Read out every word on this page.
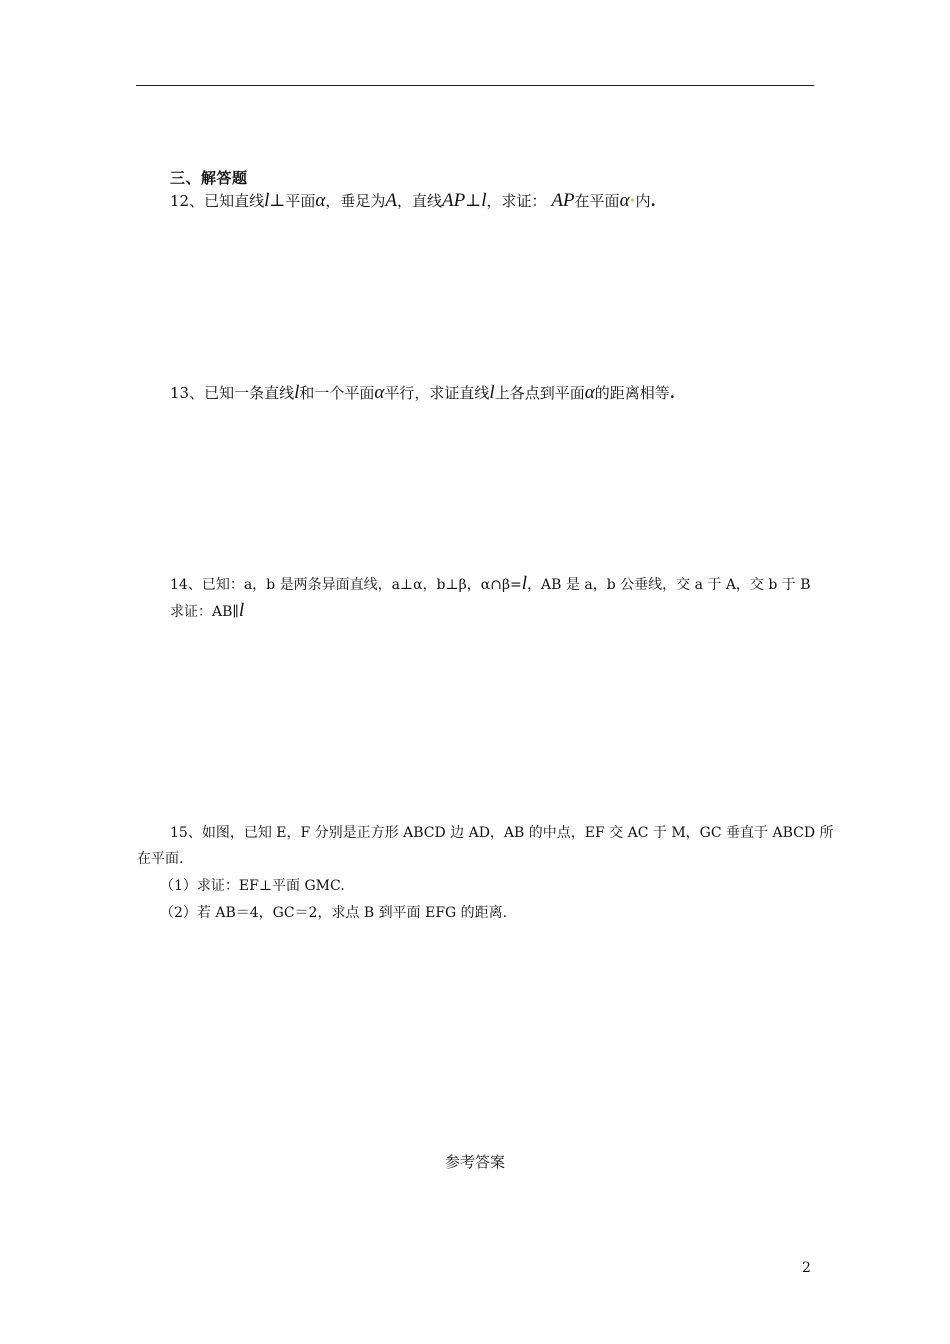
三、解答题
12、已知直线l⊥平面α，垂足为A，直线AP⊥l，求证： AP在平面α•内.
13、已知一条直线l和一个平面α平行，求证直线l上各点到平面α的距离相等.
14、已知：a，b 是两条异面直线，a⊥α，b⊥β，α∩β=l，AB 是 a，b 公垂线，交 a 于 A，交 b 于 B
求证：AB∥l
15、如图，已知 E，F 分别是正方形 ABCD 边 AD，AB 的中点，EF 交 AC 于 M，GC 垂直于 ABCD 所
在平面.
（1）求证：EF⊥平面 GMC.
（2）若 AB＝4，GC＝2，求点 B 到平面 EFG 的距离.
参考答案
2
